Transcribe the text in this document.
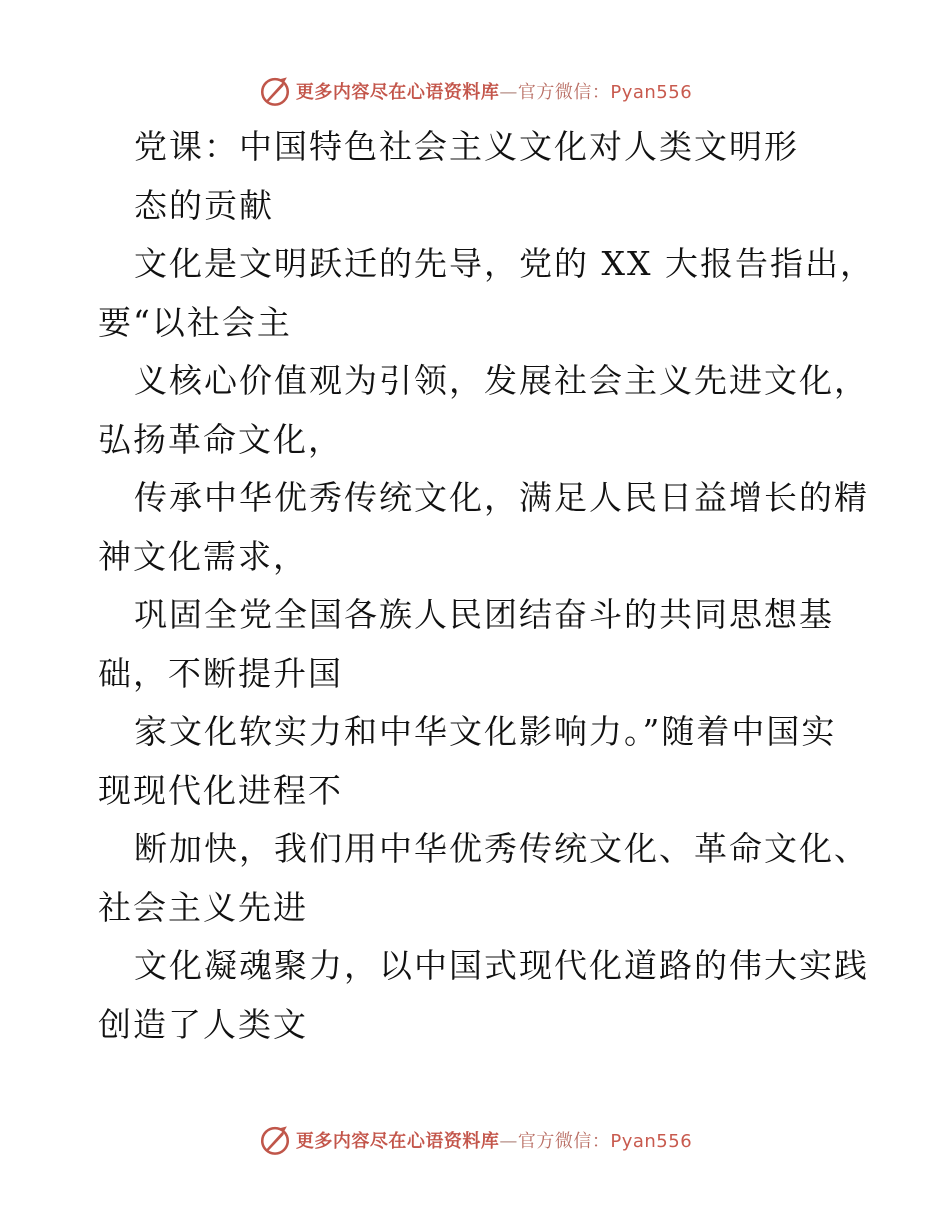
更多内容尽在心语资料库—官方微信：Pyan556
党课：中国特色社会主义文化对人类文明形
态的贡献
文化是文明跃迁的先导，党的 XX 大报告指出，
要“以社会主
义核心价值观为引领，发展社会主义先进文化，
弘扬革命文化，
传承中华优秀传统文化，满足人民日益增长的精
神文化需求，
巩固全党全国各族人民团结奋斗的共同思想基
础，不断提升国
家文化软实力和中华文化影响力。”随着中国实
现现代化进程不
断加快，我们用中华优秀传统文化、革命文化、
社会主义先进
文化凝魂聚力，以中国式现代化道路的伟大实践
创造了人类文
更多内容尽在心语资料库—官方微信：Pyan556
